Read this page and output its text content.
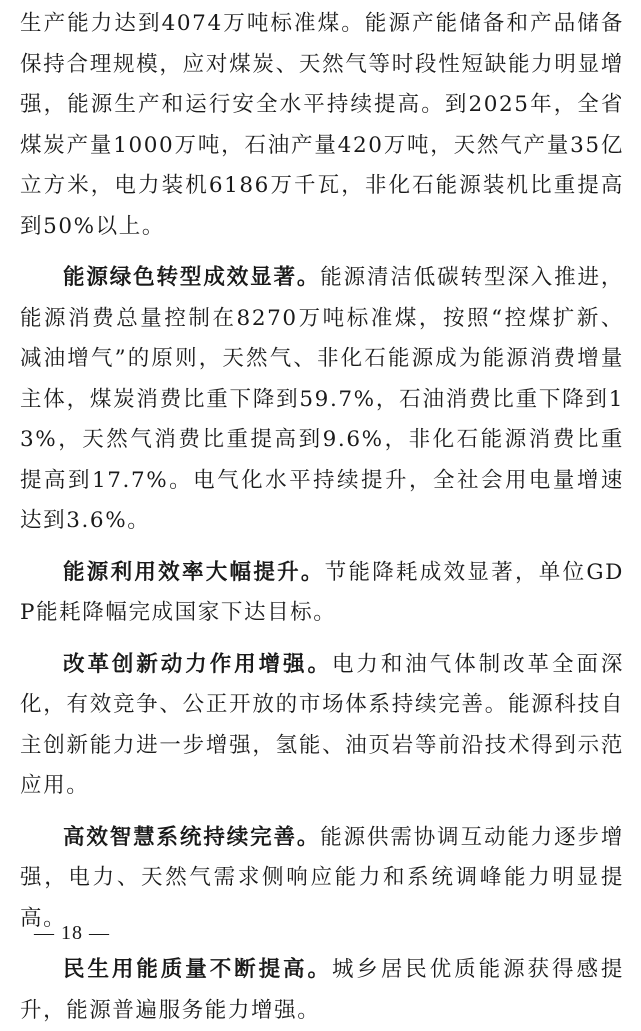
生产能力达到4074万吨标准煤。能源产能储备和产品储备保持合理规模，应对煤炭、天然气等时段性短缺能力明显增强，能源生产和运行安全水平持续提高。到2025年，全省煤炭产量1000万吨，石油产量420万吨，天然气产量35亿立方米，电力装机6186万千瓦，非化石能源装机比重提高到50%以上。

能源绿色转型成效显著。能源清洁低碳转型深入推进，能源消费总量控制在8270万吨标准煤，按照“控煤扩新、减油增气”的原则，天然气、非化石能源成为能源消费增量主体，煤炭消费比重下降到59.7%，石油消费比重下降到13%，天然气消费比重提高到9.6%，非化石能源消费比重提高到17.7%。电气化水平持续提升，全社会用电量增速达到3.6%。

能源利用效率大幅提升。节能降耗成效显著，单位GDP能耗降幅完成国家下达目标。

改革创新动力作用增强。电力和油气体制改革全面深化，有效竞争、公正开放的市场体系持续完善。能源科技自主创新能力进一步增强，氢能、油页岩等前沿技术得到示范应用。

高效智慧系统持续完善。能源供需协调互动能力逐步增强，电力、天然气需求侧响应能力和系统调峰能力明显提高。

民生用能质量不断提高。城乡居民优质能源获得感提升，能源普遍服务能力增强。

— 18 —
